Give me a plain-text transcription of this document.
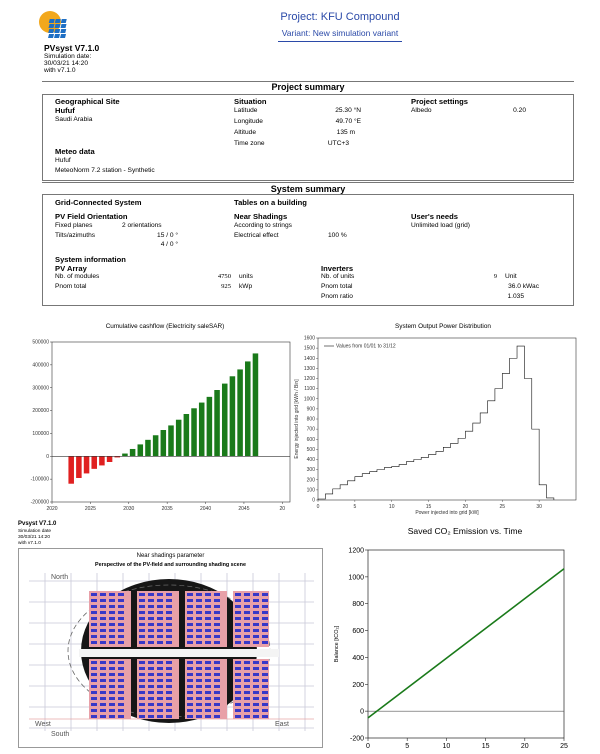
PVsyst V7.1.0
Simulation date:
30/03/21 14:20
with v7.1.0
Project: KFU Compound
Variant: New simulation variant
Project summary
Geographical Site
Hufuf
Saudi Arabia
Situation
Latitude	25.30 °N
Longitude	49.70 °E
Altitude	135 m
Time zone	UTC+3
Project settings
Albedo	0.20
Meteo data
Hufuf
MeteoNorm 7.2 station - Synthetic
System summary
Grid-Connected System	Tables on a building
PV Field Orientation
Fixed planes	2 orientations
Tilts/azimuths	15 / 0 °
4 / 0 °
Near Shadings
According to strings
Electrical effect	100 %
User's needs
Unlimited load (grid)
System information
PV Array
Nb. of modules	4750 units
Pnom total	925 kWp
Inverters
Nb. of units	9 Unit
Pnom total	36.0 kWac
Pnom ratio	1.035
Cumulative cashflow (Electricity saleSAR)
500000
400000
300000
200000
100000
0
-100000
-200000
2020	2025	2030	2035	2040	2045	20
System Output Power Distribution
1600
1500
1400
1300
1200
1100
1000
900
800
700
600
500
400
300
200
100
0
0	5	10	15	20	25	30
Values from 01/01 to 31/12
Power injected into grid [kW]
Energy injected into grid [kWh / Bin]
Pvsyst V7.1.0
Simulation date
30/03/21 14:20
with v7.1.0
Near shadings parameter
Perspective of the PV-field and surrounding shading scene
North
West
South
East
Saved CO₂ Emission vs. Time
1200
1000
800
600
400
200
0
-200
0	5	10	15	20	25
Balance [tCO₂]
